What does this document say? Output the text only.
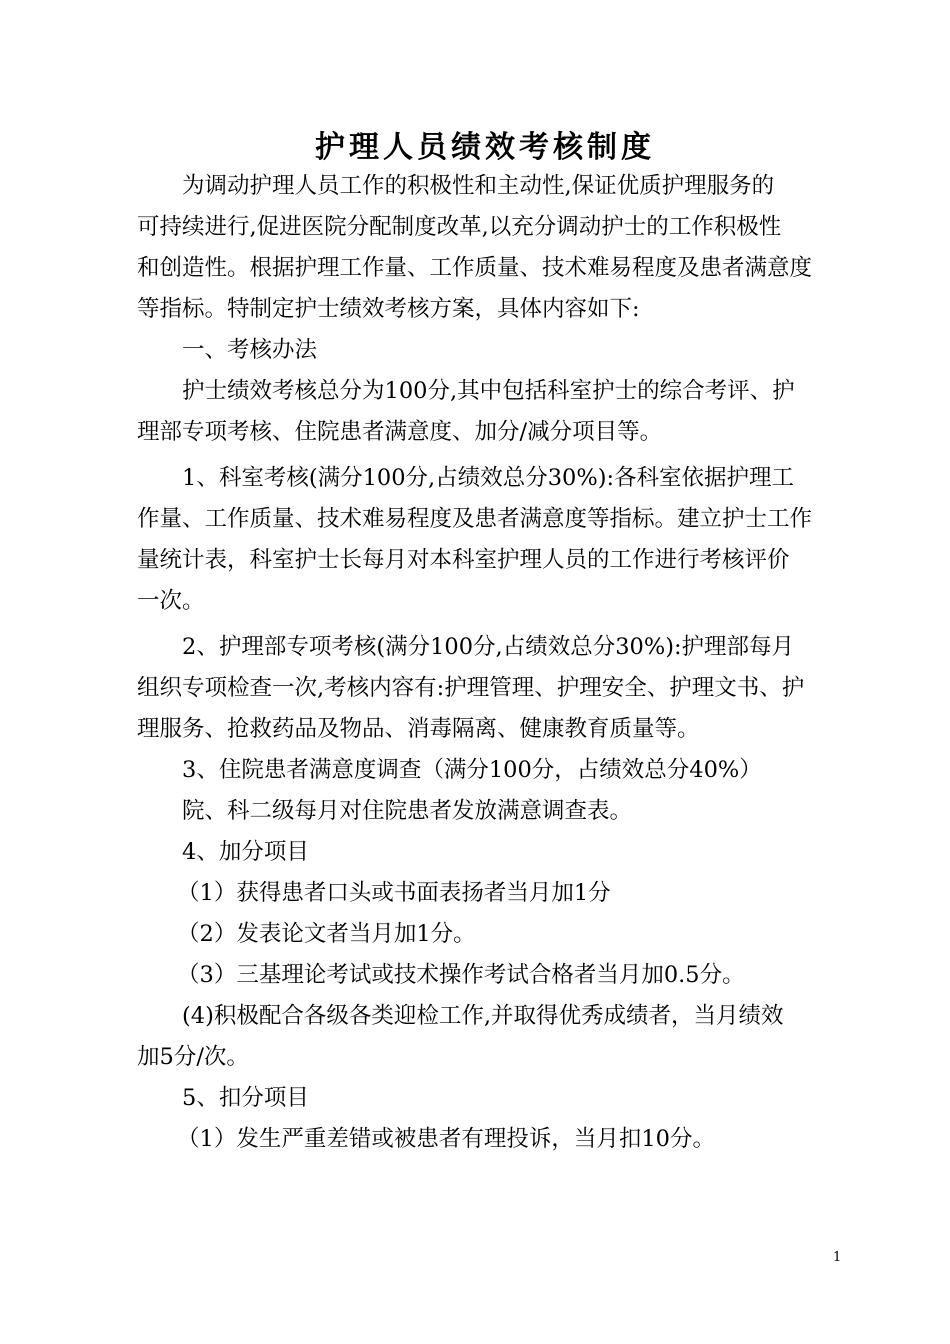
护理人员绩效考核制度

为调动护理人员工作的积极性和主动性,保证优质护理服务的

可持续进行,促进医院分配制度改革,以充分调动护士的工作积极性

和创造性。根据护理工作量、工作质量、技术难易程度及患者满意度

等指标。特制定护士绩效考核方案，具体内容如下:

一、考核办法

护士绩效考核总分为100分,其中包括科室护士的综合考评、护

理部专项考核、住院患者满意度、加分/减分项目等。

1、科室考核(满分100分,占绩效总分30%):各科室依据护理工

作量、工作质量、技术难易程度及患者满意度等指标。建立护士工作

量统计表，科室护士长每月对本科室护理人员的工作进行考核评价

一次。

2、护理部专项考核(满分100分,占绩效总分30%):护理部每月

组织专项检查一次,考核内容有:护理管理、护理安全、护理文书、护

理服务、抢救药品及物品、消毒隔离、健康教育质量等。

3、住院患者满意度调查（满分100分，占绩效总分40%）

院、科二级每月对住院患者发放满意调查表。

4、加分项目

（1）获得患者口头或书面表扬者当月加1分

（2）发表论文者当月加1分。

（3）三基理论考试或技术操作考试合格者当月加0.5分。

(4)积极配合各级各类迎检工作,并取得优秀成绩者，当月绩效

加5分/次。

5、扣分项目

（1）发生严重差错或被患者有理投诉，当月扣10分。

1
